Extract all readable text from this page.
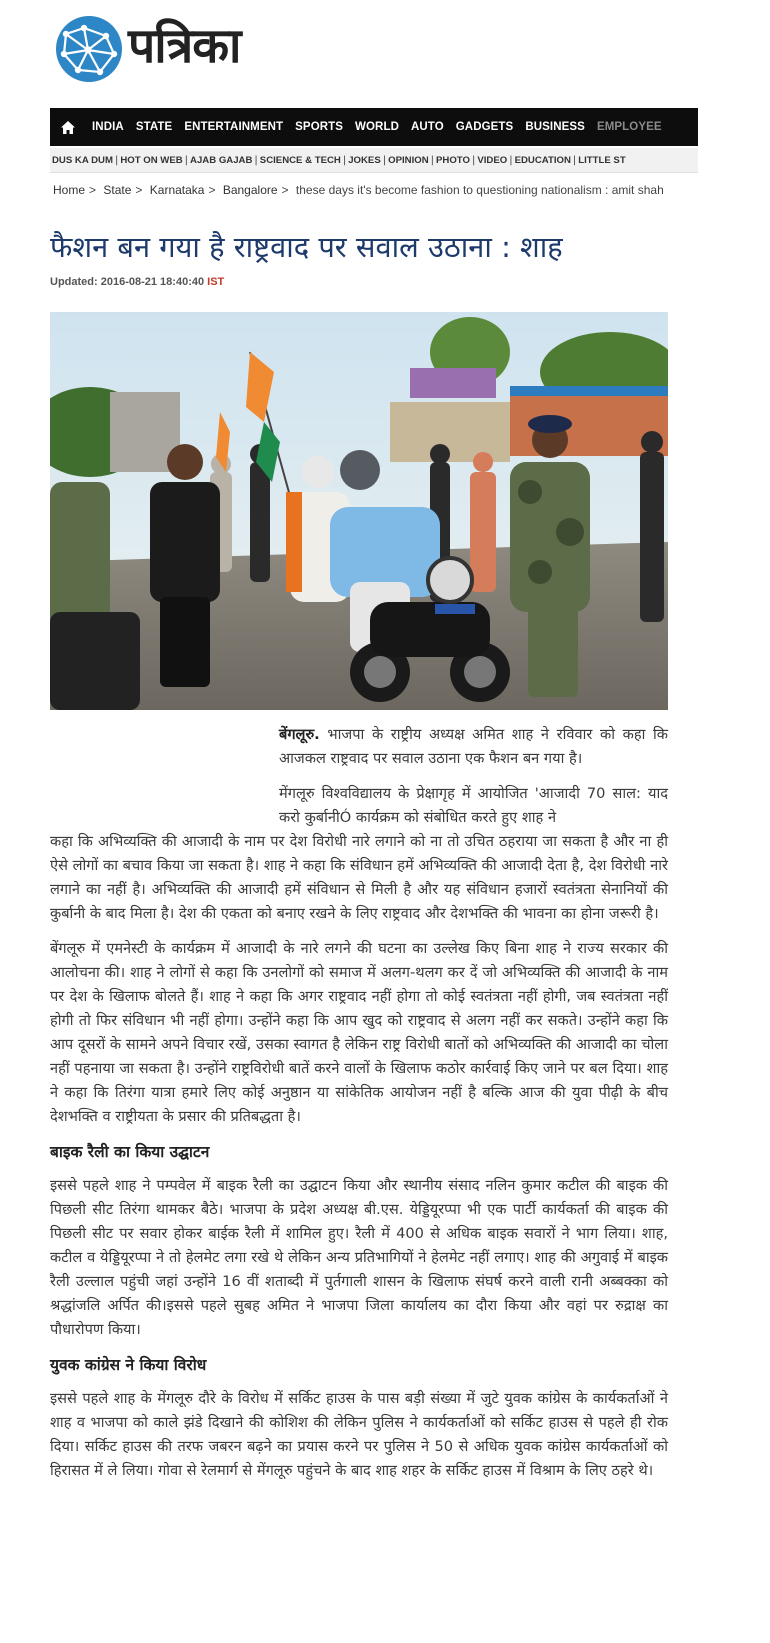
पत्रिका
INDIA	STATE	ENTERTAINMENT	SPORTS	WORLD	AUTO	GADGETS	BUSINESS	EMPLOYEE
DUS KA DUM | HOT ON WEB | AJAB GAJAB | SCIENCE & TECH | JOKES | OPINION | PHOTO | VIDEO | EDUCATION | LITTLE ST
Home > State > Karnataka > Bangalore > these days it's become fashion to questioning nationalism : amit shah
फैशन बन गया है राष्ट्रवाद पर सवाल उठाना : शाह
Updated: 2016-08-21 18:40:40 IST

बेंगलूरु. भाजपा के राष्ट्रीय अध्यक्ष अमित शाह ने रविवार को कहा कि आजकल राष्ट्रवाद पर सवाल उठाना एक फैशन बन गया है।

मेंगलूरु विश्वविद्यालय के प्रेक्षागृह में आयोजित 'आजादी 70 साल: याद करो कुर्बानीÓ कार्यक्रम को संबोधित करते हुए शाह ने
कहा कि अभिव्यक्ति की आजादी के नाम पर देश विरोधी नारे लगाने को ना तो उचित ठहराया जा सकता है और ना ही ऐसे लोगों का बचाव किया जा सकता है। शाह ने कहा कि संविधान हमें अभिव्यक्ति की आजादी देता है, देश विरोधी नारे लगाने का नहीं है। अभिव्यक्ति की आजादी हमें संविधान से मिली है और यह संविधान हजारों स्वतंत्रता सेनानियों की कुर्बानी के बाद मिला है। देश की एकता को बनाए रखने के लिए राष्ट्रवाद और देशभक्ति की भावना का होना जरूरी है।

बेंगलूरु में एमनेस्टी के कार्यक्रम में आजादी के नारे लगने की घटना का उल्लेख किए बिना शाह ने राज्य सरकार की आलोचना की। शाह ने लोगों से कहा कि उनलोगों को समाज में अलग-थलग कर दें जो अभिव्यक्ति की आजादी के नाम पर देश के खिलाफ बोलते हैं। शाह ने कहा कि अगर राष्ट्रवाद नहीं होगा तो कोई स्वतंत्रता नहीं होगी, जब स्वतंत्रता नहीं होगी तो फिर संविधान भी नहीं होगा। उन्होंने कहा कि आप खुद को राष्ट्रवाद से अलग नहीं कर सकते। उन्होंने कहा कि आप दूसरों के सामने अपने विचार रखें, उसका स्वागत है लेकिन राष्ट्र विरोधी बातों को अभिव्यक्ति की आजादी का चोला नहीं पहनाया जा सकता है। उन्होंने राष्ट्रविरोधी बातें करने वालों के खिलाफ कठोर कार्रवाई किए जाने पर बल दिया। शाह ने कहा कि तिरंगा यात्रा हमारे लिए कोई अनुष्ठान या सांकेतिक आयोजन नहीं है बल्कि आज की युवा पीढ़ी के बीच देशभक्ति व राष्ट्रीयता के प्रसार की प्रतिबद्धता है।

बाइक रैली का किया उद्घाटन

इससे पहले शाह ने पम्पवेल में बाइक रैली का उद्घाटन किया और स्थानीय संसाद नलिन कुमार कटील की बाइक की पिछली सीट तिरंगा थामकर बैठे। भाजपा के प्रदेश अध्यक्ष बी.एस. येड्डियूरप्पा भी एक पार्टी कार्यकर्ता की बाइक की पिछली सीट पर सवार होकर बाईक रैली में शामिल हुए। रैली में 400 से अधिक बाइक सवारों ने भाग लिया। शाह, कटील व येड्डियूरप्पा ने तो हेलमेट लगा रखे थे लेकिन अन्य प्रतिभागियों ने हेलमेट नहीं लगाए। शाह की अगुवाई में बाइक रैली उल्लाल पहुंची जहां उन्होंने 16 वीं शताब्दी में पुर्तगाली शासन के खिलाफ संघर्ष करने वाली रानी अब्बक्का को श्रद्धांजलि अर्पित की।इससे पहले सुबह अमित ने भाजपा जिला कार्यालय का दौरा किया और वहां पर रुद्राक्ष का पौधारोपण किया।

युवक कांग्रेस ने किया विरोध

इससे पहले शाह के मेंगलूरु दौरे के विरोध में सर्किट हाउस के पास बड़ी संख्या में जुटे युवक कांग्रेस के कार्यकर्ताओं ने शाह व भाजपा को काले झंडे दिखाने की कोशिश की लेकिन पुलिस ने कार्यकर्ताओं को सर्किट हाउस से पहले ही रोक दिया। सर्किट हाउस की तरफ जबरन बढ़ने का प्रयास करने पर पुलिस ने 50 से अधिक युवक कांग्रेस कार्यकर्ताओं को हिरासत में ले लिया। गोवा से रेलमार्ग से मेंगलूरु पहुंचने के बाद शाह शहर के सर्किट हाउस में विश्राम के लिए ठहरे थे।
